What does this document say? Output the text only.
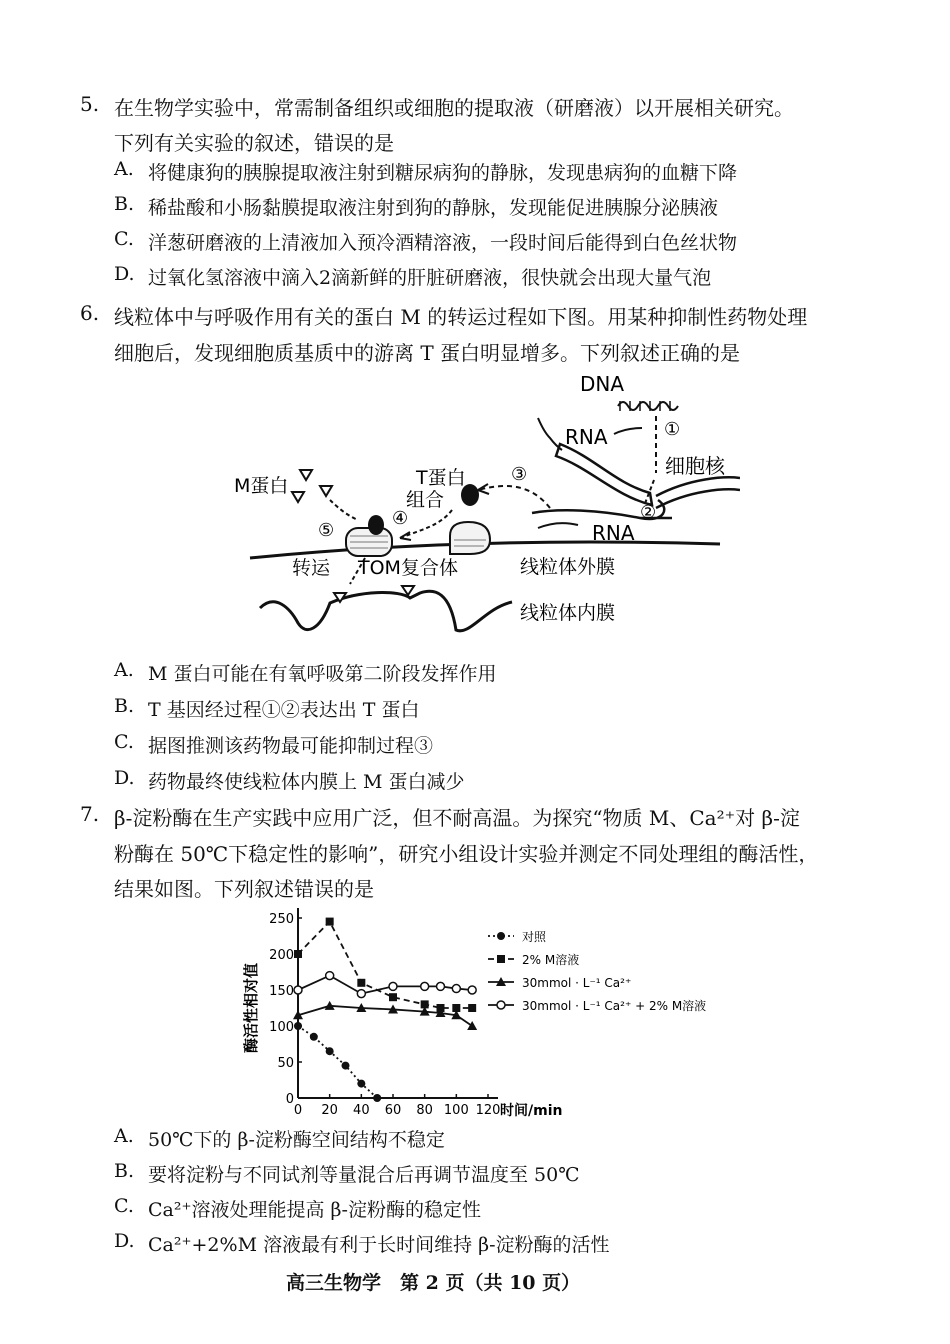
5. 在生物学实验中，常需制备组织或细胞的提取液（研磨液）以开展相关研究。
下列有关实验的叙述，错误的是
A. 将健康狗的胰腺提取液注射到糖尿病狗的静脉，发现患病狗的血糖下降
B. 稀盐酸和小肠黏膜提取液注射到狗的静脉，发现能促进胰腺分泌胰液
C. 洋葱研磨液的上清液加入预冷酒精溶液，一段时间后能得到白色丝状物
D. 过氧化氢溶液中滴入2滴新鲜的肝脏研磨液，很快就会出现大量气泡
6. 线粒体中与呼吸作用有关的蛋白 M 的转运过程如下图。用某种抑制性药物处理
细胞后，发现细胞质基质中的游离 T 蛋白明显增多。下列叙述正确的是
DNA
①
RNA
细胞核
RNA
②
③
T蛋白
组合
④
M蛋白
⑤
线粒体外膜
转运 TOM复合体
线粒体内膜
A. M 蛋白可能在有氧呼吸第二阶段发挥作用
B. T 基因经过程①②表达出 T 蛋白
C. 据图推测该药物最可能抑制过程③
D. 药物最终使线粒体内膜上 M 蛋白减少
7. β-淀粉酶在生产实践中应用广泛，但不耐高温。为探究“物质 M、Ca²⁺对 β-淀
粉酶在 50℃下稳定性的影响”，研究小组设计实验并测定不同处理组的酶活性，
结果如图。下列叙述错误的是
0 20 40 60 80 100 120
0
50
100
150
200
250
时间/min
酶活性相对值
对照
2% M溶液
30mmol · L⁻¹ Ca²⁺
30mmol · L⁻¹ Ca²⁺ + 2% M溶液
A. 50℃下的 β-淀粉酶空间结构不稳定
B. 要将淀粉与不同试剂等量混合后再调节温度至 50℃
C. Ca²⁺溶液处理能提高 β-淀粉酶的稳定性
D. Ca²⁺+2%M 溶液最有利于长时间维持 β-淀粉酶的活性
高三生物学　第 2 页（共 10 页）
